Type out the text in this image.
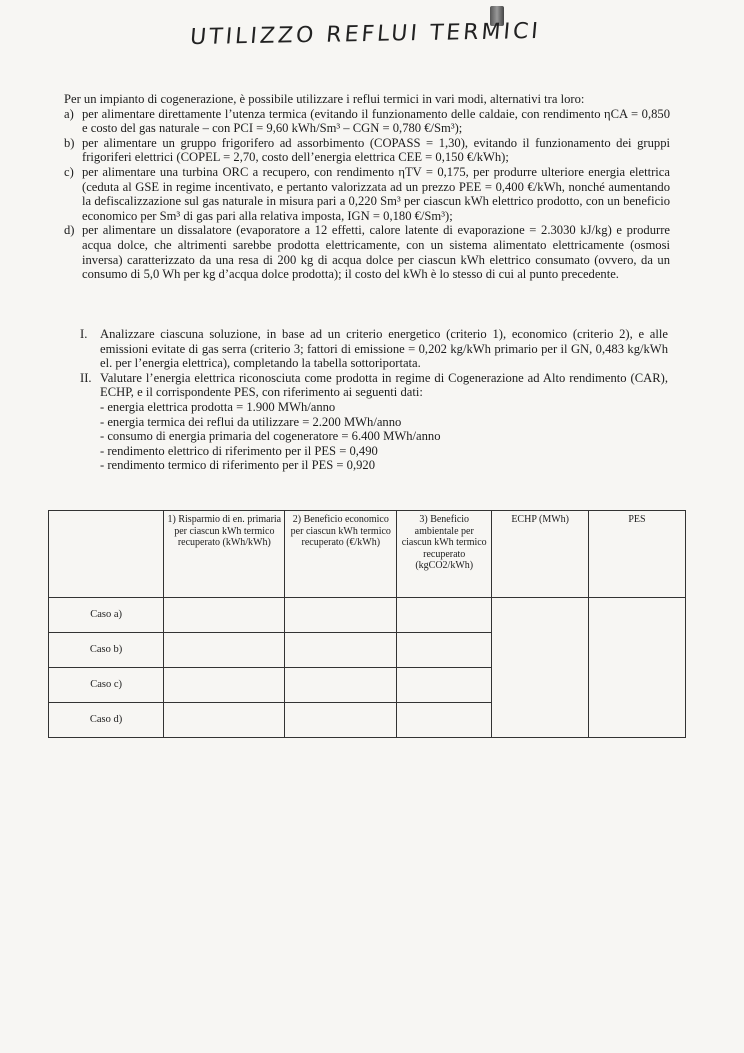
UTILIZZO REFLUI TERMICI

Per un impianto di cogenerazione, è possibile utilizzare i reflui termici in vari modi, alternativi tra loro:

a) per alimentare direttamente l’utenza termica (evitando il funzionamento delle caldaie, con rendimento ηCA = 0,850 e costo del gas naturale – con PCI = 9,60 kWh/Sm³ – CGN = 0,780 €/Sm³);
b) per alimentare un gruppo frigorifero ad assorbimento (COPASS = 1,30), evitando il funzionamento dei gruppi frigoriferi elettrici (COPEL = 2,70, costo dell’energia elettrica CEE = 0,150 €/kWh);
c) per alimentare una turbina ORC a recupero, con rendimento ηTV = 0,175, per produrre ulteriore energia elettrica (ceduta al GSE in regime incentivato, e pertanto valorizzata ad un prezzo PEE = 0,400 €/kWh, nonché aumentando la defiscalizzazione sul gas naturale in misura pari a 0,220 Sm³ per ciascun kWh elettrico prodotto, con un beneficio economico per Sm³ di gas pari alla relativa imposta, IGN = 0,180 €/Sm³);
d) per alimentare un dissalatore (evaporatore a 12 effetti, calore latente di evaporazione = 2.3030 kJ/kg) e produrre acqua dolce, che altrimenti sarebbe prodotta elettricamente, con un sistema alimentato elettricamente (osmosi inversa) caratterizzato da una resa di 200 kg di acqua dolce per ciascun kWh elettrico consumato (ovvero, da un consumo di 5,0 Wh per kg d’acqua dolce prodotta); il costo del kWh è lo stesso di cui al punto precedente.

I. Analizzare ciascuna soluzione, in base ad un criterio energetico (criterio 1), economico (criterio 2), e alle emissioni evitate di gas serra (criterio 3; fattori di emissione = 0,202 kg/kWh primario per il GN, 0,483 kg/kWh el. per l’energia elettrica), completando la tabella sottoriportata.

II. Valutare l’energia elettrica riconosciuta come prodotta in regime di Cogenerazione ad Alto rendimento (CAR), ECHP, e il corrispondente PES, con riferimento ai seguenti dati:

- energia elettrica prodotta = 1.900 MWh/anno
- energia termica dei reflui da utilizzare = 2.200 MWh/anno
- consumo di energia primaria del cogeneratore = 6.400 MWh/anno
- rendimento elettrico di riferimento per il PES = 0,490
- rendimento termico di riferimento per il PES = 0,920
	1) Risparmio di en. primaria per ciascun kWh termico recuperato (kWh/kWh)	2) Beneficio economico per ciascun kWh termico recuperato (€/kWh)	3) Beneficio ambientale per ciascun kWh termico recuperato (kgCO2/kWh)	ECHP (MWh)	PES
Caso a)					
Caso b)					
Caso c)					
Caso d)					
